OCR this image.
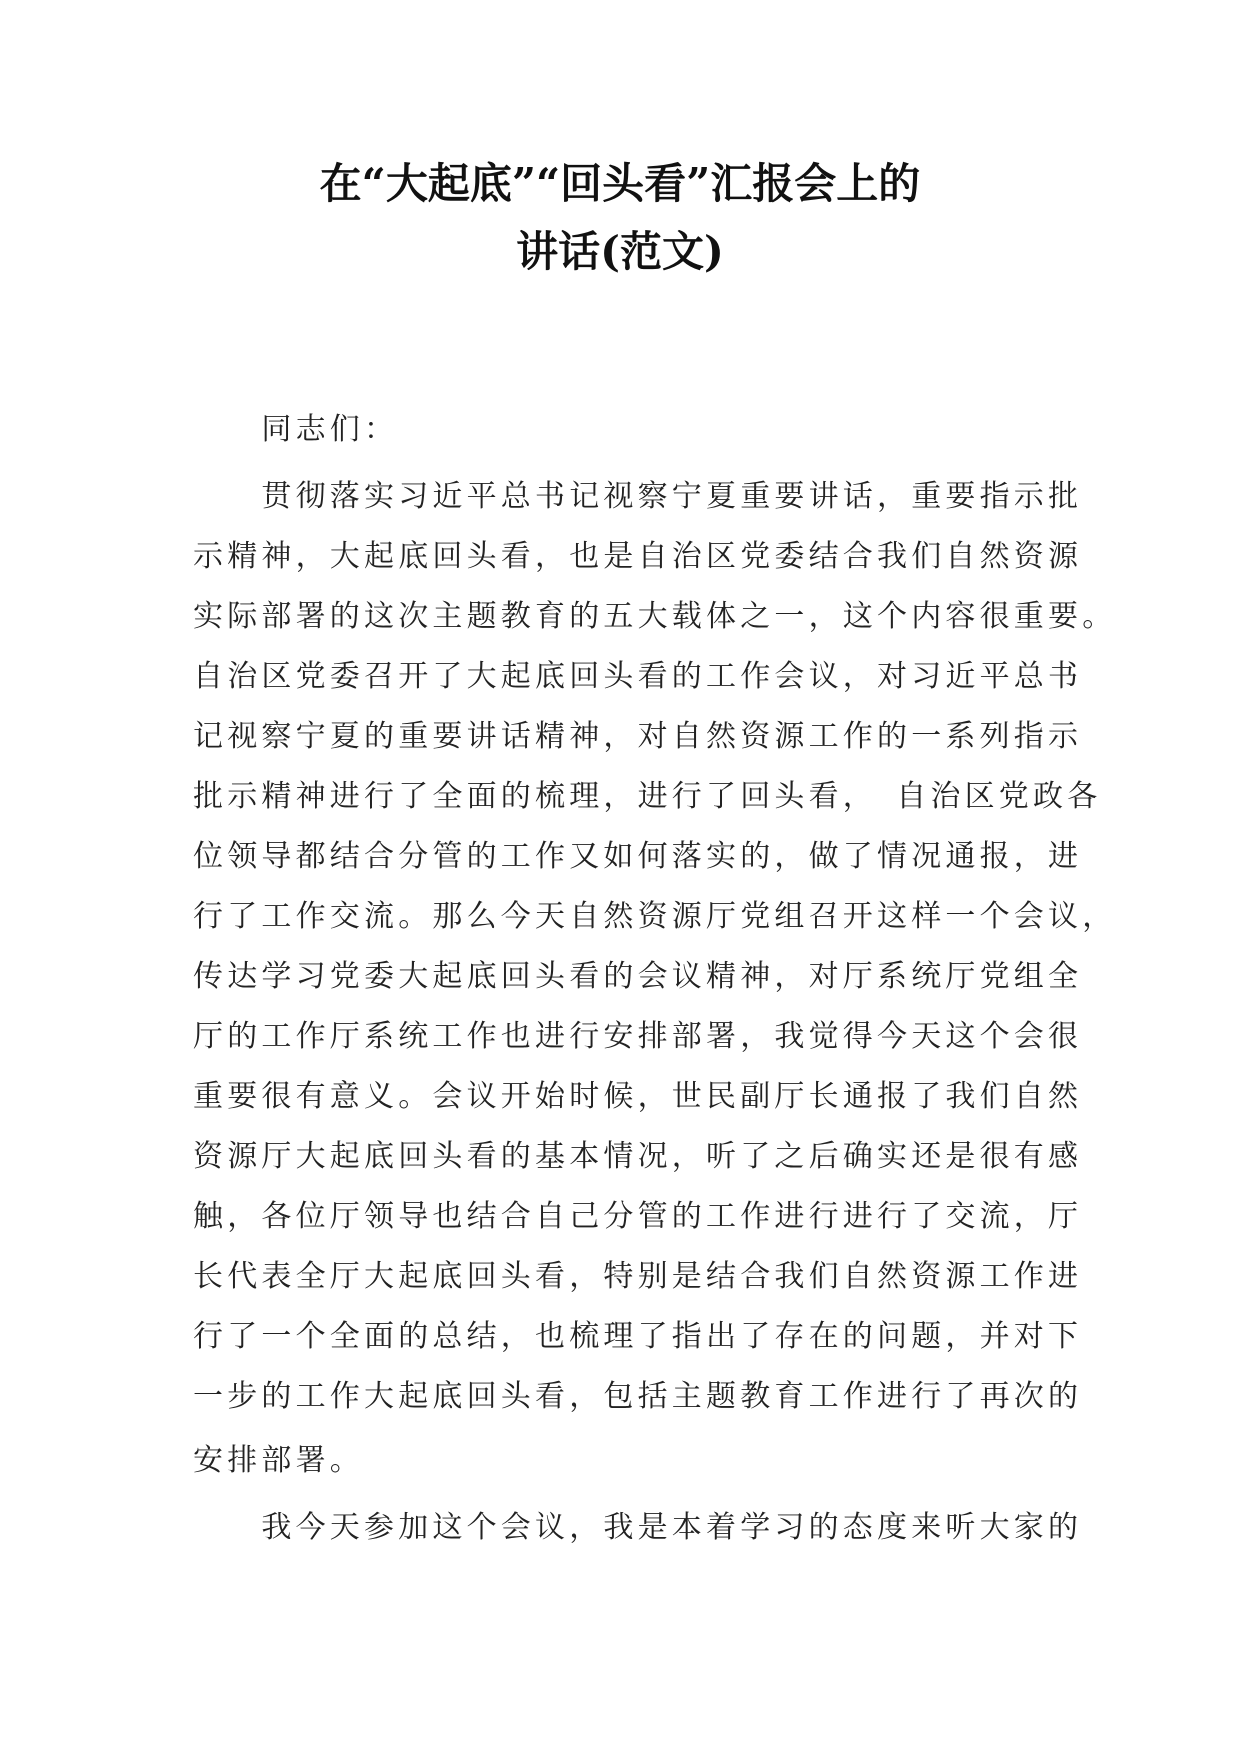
在“大起底”“回头看”汇报会上的
讲话(范文)
　　同志们：
　　贯彻落实习近平总书记视察宁夏重要讲话，重要指示批
示精神，大起底回头看，也是自治区党委结合我们自然资源
实际部署的这次主题教育的五大载体之一，这个内容很重要。
自治区党委召开了大起底回头看的工作会议，对习近平总书
记视察宁夏的重要讲话精神，对自然资源工作的一系列指示
批示精神进行了全面的梳理，进行了回头看，　自治区党政各
位领导都结合分管的工作又如何落实的，做了情况通报，进
行了工作交流。那么今天自然资源厅党组召开这样一个会议，
传达学习党委大起底回头看的会议精神，对厅系统厅党组全
厅的工作厅系统工作也进行安排部署，我觉得今天这个会很
重要很有意义。会议开始时候，世民副厅长通报了我们自然
资源厅大起底回头看的基本情况，听了之后确实还是很有感
触，各位厅领导也结合自己分管的工作进行进行了交流，厅
长代表全厅大起底回头看，特别是结合我们自然资源工作进
行了一个全面的总结，也梳理了指出了存在的问题，并对下
一步的工作大起底回头看，包括主题教育工作进行了再次的
安排部署。
　　我今天参加这个会议，我是本着学习的态度来听大家的
